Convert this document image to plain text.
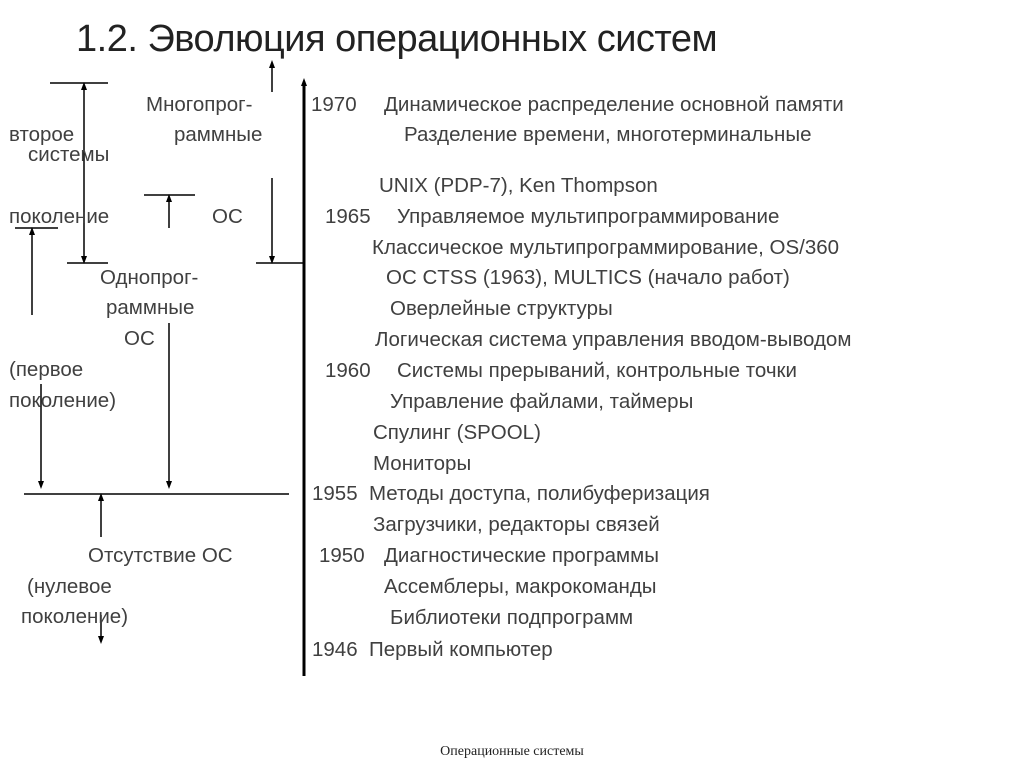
1.2. Эволюция операционных систем
Многопрог-
раммные
ОС
второе
системы
поколение
Однопрог-
раммные
ОС
(первое
поколение)
Отсутствие ОС
(нулевое
поколение)
1970 Динамическое распределение основной памяти
Разделение времени, многотерминальные
UNIX (PDP-7), Ken Thompson
1965 Управляемое мультипрограммирование
Классическое мультипрограммирование, OS/360
ОС CTSS (1963), MULTICS (начало работ)
Оверлейные структуры
Логическая система управления вводом-выводом
1960 Системы прерываний, контрольные точки
Управление файлами, таймеры
Спулинг (SPOOL)
Мониторы
1955 Методы доступа, полибуферизация
Загрузчики, редакторы связей
1950 Диагностические программы
Ассемблеры, макрокоманды
Библиотеки подпрограмм
1946 Первый компьютер
Операционные системы
